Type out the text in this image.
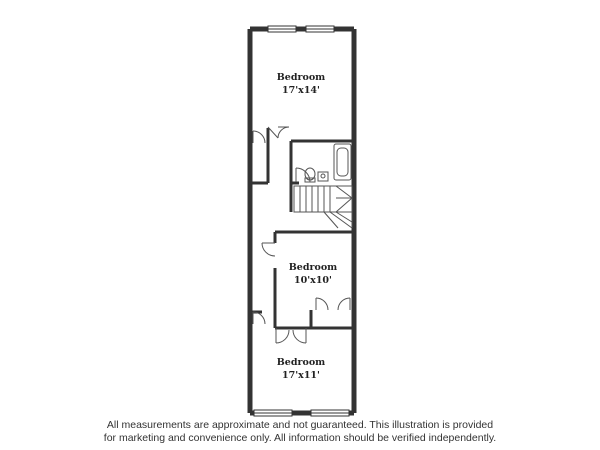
Bedroom
17'x14'
Bedroom
10'x10'
Bedroom
17'x11'
All measurements are approximate and not guaranteed. This illustration is provided
for marketing and convenience only. All information should be verified independently.
